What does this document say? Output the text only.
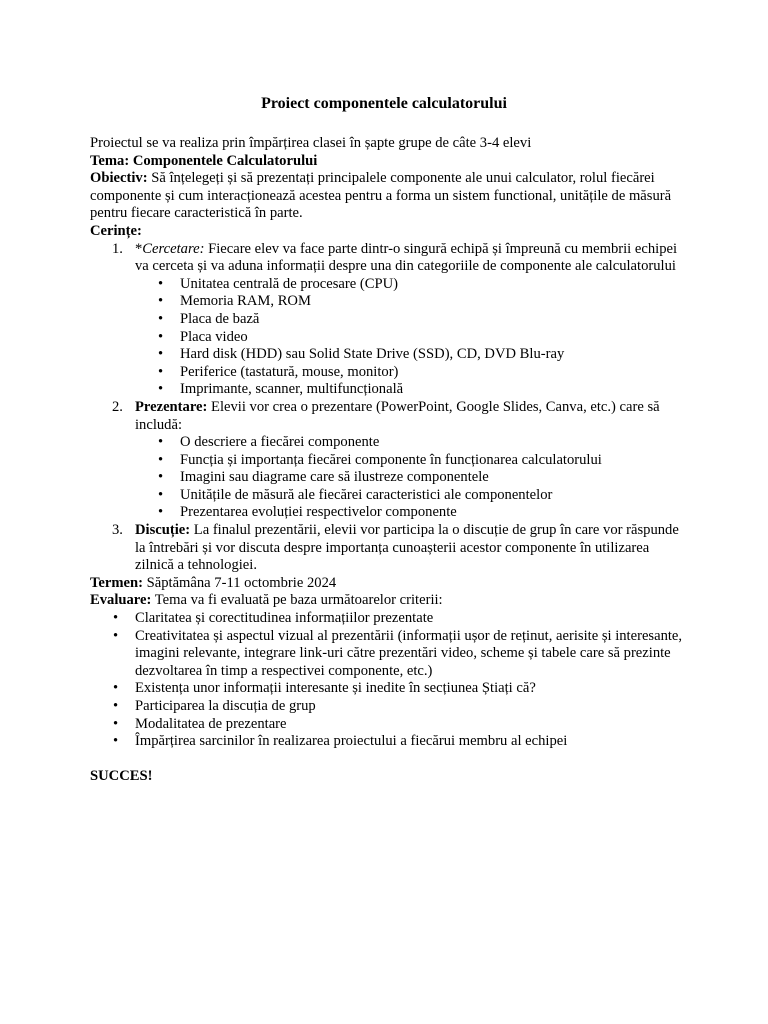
Proiect componentele calculatorului

Proiectul se va realiza prin împărțirea clasei în șapte grupe de câte 3-4 elevi

Tema: Componentele Calculatorului

Obiectiv: Să înțelegeți și să prezentați principalele componente ale unui calculator, rolul fiecărei componente și cum interacționează acestea pentru a forma un sistem functional, unitățile de măsură pentru fiecare caracteristică în parte.

Cerințe:

1. *Cercetare: Fiecare elev va face parte dintr-o singură echipă și împreună cu membrii echipei va cerceta și va aduna informații despre una din categoriile de componente ale calculatorului
• Unitatea centrală de procesare (CPU)
• Memoria RAM, ROM
• Placa de bază
• Placa video
• Hard disk (HDD) sau Solid State Drive (SSD), CD, DVD Blu-ray
• Periferice (tastatură, mouse, monitor)
• Imprimante, scanner, multifuncțională
2. Prezentare: Elevii vor crea o prezentare (PowerPoint, Google Slides, Canva, etc.) care să includă:
• O descriere a fiecărei componente
• Funcția și importanța fiecărei componente în funcționarea calculatorului
• Imagini sau diagrame care să ilustreze componentele
• Unitățile de măsură ale fiecărei caracteristici ale componentelor
• Prezentarea evoluției respectivelor componente
3. Discuție: La finalul prezentării, elevii vor participa la o discuție de grup în care vor răspunde la întrebări și vor discuta despre importanța cunoașterii acestor componente în utilizarea zilnică a tehnologiei.

Termen: Săptămâna 7-11 octombrie 2024

Evaluare: Tema va fi evaluată pe baza următoarelor criterii:

• Claritatea și corectitudinea informațiilor prezentate
• Creativitatea și aspectul vizual al prezentării (informații ușor de reținut, aerisite și interesante, imagini relevante, integrare link-uri către prezentări video, scheme și tabele care să prezinte dezvoltarea în timp a respectivei componente, etc.)
• Existența unor informații interesante și inedite în secțiunea Știați că?
• Participarea la discuția de grup
• Modalitatea de prezentare
• Împărțirea sarcinilor în realizarea proiectului a fiecărui membru al echipei

SUCCES!
